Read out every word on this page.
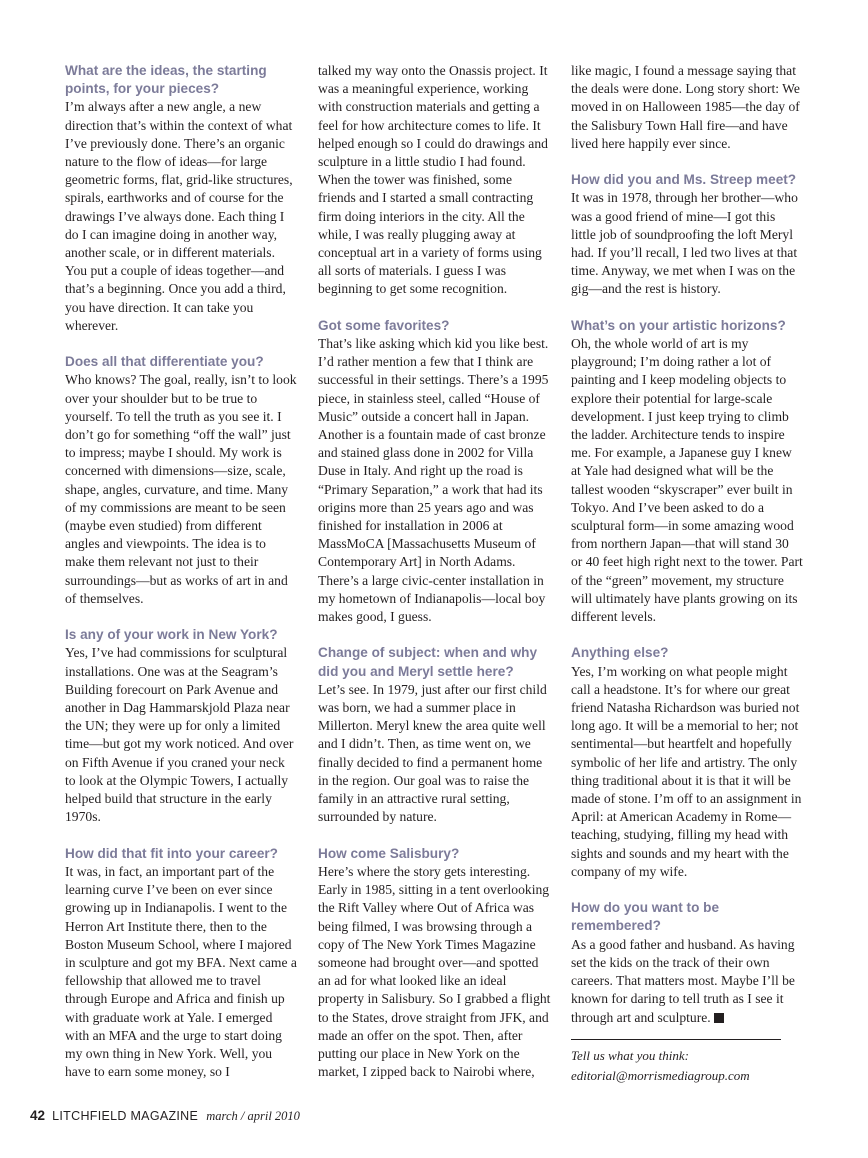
What are the ideas, the starting points, for your pieces?

I’m always after a new angle, a new direction that’s within the context of what I’ve previously done. There’s an organic nature to the flow of ideas—for large geometric forms, flat, grid-like structures, spirals, earthworks and of course for the drawings I’ve always done. Each thing I do I can imagine doing in another way, another scale, or in different materials. You put a couple of ideas together—and that’s a beginning. Once you add a third, you have direction. It can take you wherever.

Does all that differentiate you?

Who knows? The goal, really, isn’t to look over your shoulder but to be true to yourself. To tell the truth as you see it. I don’t go for something “off the wall” just to impress; maybe I should. My work is concerned with dimensions—size, scale, shape, angles, curvature, and time. Many of my commissions are meant to be seen (maybe even studied) from different angles and viewpoints. The idea is to make them relevant not just to their surroundings—but as works of art in and of themselves.

Is any of your work in New York?

Yes, I’ve had commissions for sculptural installations. One was at the Seagram’s Building forecourt on Park Avenue and another in Dag Hammarskjold Plaza near the UN; they were up for only a limited time—but got my work noticed. And over on Fifth Avenue if you craned your neck to look at the Olympic Towers, I actually helped build that structure in the early 1970s.

How did that fit into your career?

It was, in fact, an important part of the learning curve I’ve been on ever since growing up in Indianapolis. I went to the Herron Art Institute there, then to the Boston Museum School, where I majored in sculpture and got my BFA. Next came a fellowship that allowed me to travel through Europe and Africa and finish up with graduate work at Yale. I emerged with an MFA and the urge to start doing my own thing in New York. Well, you have to earn some money, so I

talked my way onto the Onassis project. It was a meaningful experience, working with construction materials and getting a feel for how architecture comes to life. It helped enough so I could do drawings and sculpture in a little studio I had found. When the tower was finished, some friends and I started a small contracting firm doing interiors in the city. All the while, I was really plugging away at conceptual art in a variety of forms using all sorts of materials. I guess I was beginning to get some recognition.

Got some favorites?

That’s like asking which kid you like best. I’d rather mention a few that I think are successful in their settings. There’s a 1995 piece, in stainless steel, called “House of Music” outside a concert hall in Japan. Another is a fountain made of cast bronze and stained glass done in 2002 for Villa Duse in Italy. And right up the road is “Primary Separation,” a work that had its origins more than 25 years ago and was finished for installation in 2006 at MassMoCA [Massachusetts Museum of Contemporary Art] in North Adams. There’s a large civic-center installation in my hometown of Indianapolis—local boy makes good, I guess.

Change of subject: when and why did you and Meryl settle here?

Let’s see. In 1979, just after our first child was born, we had a summer place in Millerton. Meryl knew the area quite well and I didn’t. Then, as time went on, we finally decided to find a permanent home in the region. Our goal was to raise the family in an attractive rural setting, surrounded by nature.

How come Salisbury?

Here’s where the story gets interesting. Early in 1985, sitting in a tent overlooking the Rift Valley where Out of Africa was being filmed, I was browsing through a copy of The New York Times Magazine someone had brought over—and spotted an ad for what looked like an ideal property in Salisbury. So I grabbed a flight to the States, drove straight from JFK, and made an offer on the spot. Then, after putting our place in New York on the market, I zipped back to Nairobi where,

like magic, I found a message saying that the deals were done. Long story short: We moved in on Halloween 1985—the day of the Salisbury Town Hall fire—and have lived here happily ever since.

How did you and Ms. Streep meet?

It was in 1978, through her brother—who was a good friend of mine—I got this little job of soundproofing the loft Meryl had. If you’ll recall, I led two lives at that time. Anyway, we met when I was on the gig—and the rest is history.

What’s on your artistic horizons?

Oh, the whole world of art is my playground; I’m doing rather a lot of painting and I keep modeling objects to explore their potential for large-scale development. I just keep trying to climb the ladder. Architecture tends to inspire me. For example, a Japanese guy I knew at Yale had designed what will be the tallest wooden “skyscraper” ever built in Tokyo. And I’ve been asked to do a sculptural form—in some amazing wood from northern Japan—that will stand 30 or 40 feet high right next to the tower. Part of the “green” movement, my structure will ultimately have plants growing on its different levels.

Anything else?

Yes, I’m working on what people might call a headstone. It’s for where our great friend Natasha Richardson was buried not long ago. It will be a memorial to her; not sentimental—but heartfelt and hopefully symbolic of her life and artistry. The only thing traditional about it is that it will be made of stone. I’m off to an assignment in April: at American Academy in Rome—teaching, studying, filling my head with sights and sounds and my heart with the company of my wife.

How do you want to be remembered?

As a good father and husband. As having set the kids on the track of their own careers. That matters most. Maybe I’ll be known for daring to tell truth as I see it through art and sculpture.

Tell us what you think:
editorial@morrismediagroup.com
42 LITCHFIELD MAGAZINE march / april 2010
